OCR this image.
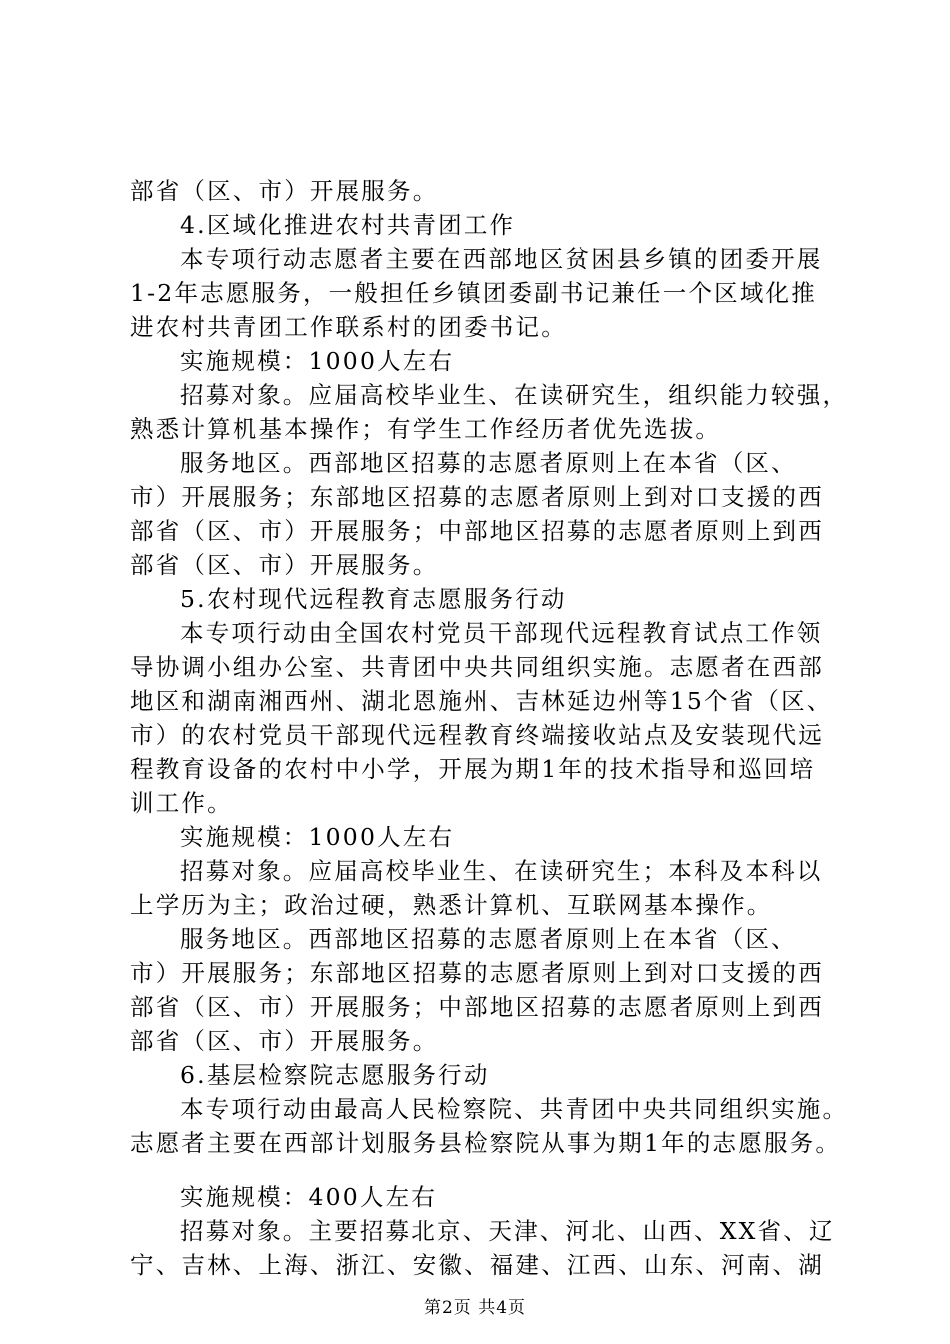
部省（区、市）开展服务。
4.区域化推进农村共青团工作
本专项行动志愿者主要在西部地区贫困县乡镇的团委开展
1-2年志愿服务，一般担任乡镇团委副书记兼任一个区域化推
进农村共青团工作联系村的团委书记。
实施规模：1000人左右
招募对象。应届高校毕业生、在读研究生，组织能力较强，
熟悉计算机基本操作；有学生工作经历者优先选拔。
服务地区。西部地区招募的志愿者原则上在本省（区、
市）开展服务；东部地区招募的志愿者原则上到对口支援的西
部省（区、市）开展服务；中部地区招募的志愿者原则上到西
部省（区、市）开展服务。
5.农村现代远程教育志愿服务行动
本专项行动由全国农村党员干部现代远程教育试点工作领
导协调小组办公室、共青团中央共同组织实施。志愿者在西部
地区和湖南湘西州、湖北恩施州、吉林延边州等15个省（区、
市）的农村党员干部现代远程教育终端接收站点及安装现代远
程教育设备的农村中小学，开展为期1年的技术指导和巡回培
训工作。
实施规模：1000人左右
招募对象。应届高校毕业生、在读研究生；本科及本科以
上学历为主；政治过硬，熟悉计算机、互联网基本操作。
服务地区。西部地区招募的志愿者原则上在本省（区、
市）开展服务；东部地区招募的志愿者原则上到对口支援的西
部省（区、市）开展服务；中部地区招募的志愿者原则上到西
部省（区、市）开展服务。
6.基层检察院志愿服务行动
本专项行动由最高人民检察院、共青团中央共同组织实施。
志愿者主要在西部计划服务县检察院从事为期1年的志愿服务。
实施规模：400人左右
招募对象。主要招募北京、天津、河北、山西、XX省、辽
宁、吉林、上海、浙江、安徽、福建、江西、山东、河南、湖
第2页 共4页
